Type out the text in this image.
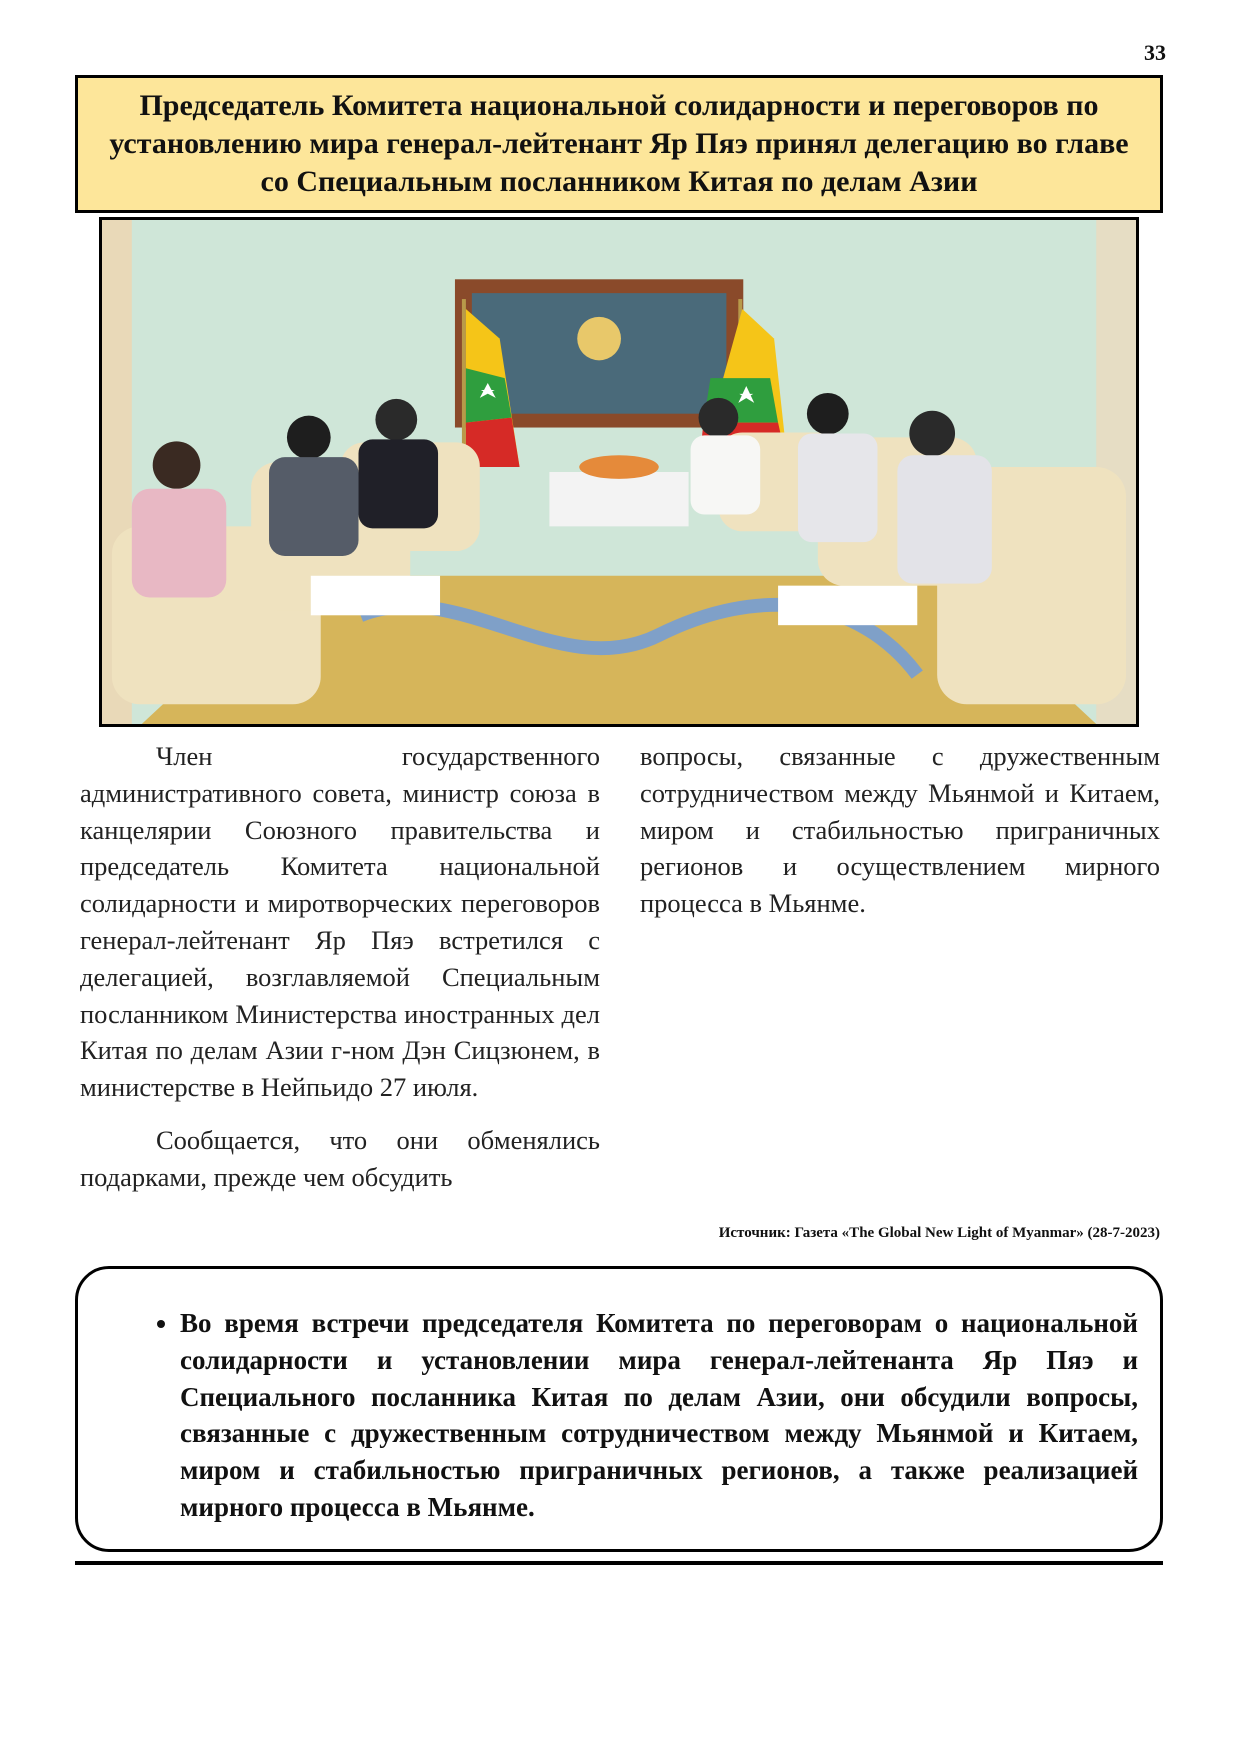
33
Председатель Комитета национальной солидарности и переговоров по установлению мира генерал-лейтенант Яр Пяэ принял делегацию во главе со Специальным посланником Китая по делам Азии

Член государственного административного совета, министр союза в канцелярии Союзного правительства и председатель Комитета национальной солидарности и миротворческих переговоров генерал-лейтенант Яр Пяэ встретился с делегацией, возглавляемой Специальным посланником Министерства иностранных дел Китая по делам Азии г-ном Дэн Сицзюнем, в министерстве в Нейпьидо 27 июля.

Сообщается, что они обменялись подарками, прежде чем обсудить

вопросы, связанные с дружественным сотрудничеством между Мьянмой и Китаем, миром и стабильностью приграничных регионов и осуществлением мирного процесса в Мьянме.

Источник: Газета «The Global New Light of Myanmar» (28-7-2023)
• Во время встречи председателя Комитета по переговорам о национальной солидарности и установлении мира генерал-лейтенанта Яр Пяэ и Специального посланника Китая по делам Азии, они обсудили вопросы, связанные с дружественным сотрудничеством между Мьянмой и Китаем, миром и стабильностью приграничных регионов, а также реализацией мирного процесса в Мьянме.
